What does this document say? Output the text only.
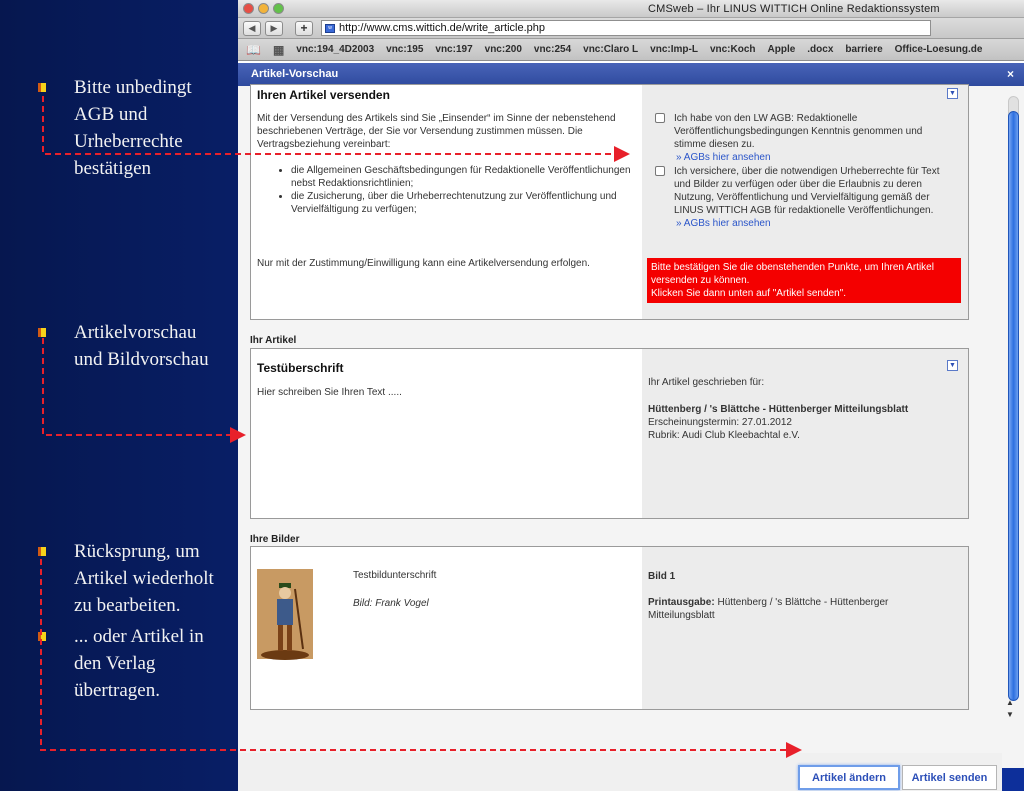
Bitte unbedingt AGB und Urheberrechte bestätigen
Artikelvorschau und Bildvorschau
Rücksprung, um Artikel wiederholt zu bearbeiten.
... oder Artikel in den Verlag übertragen.
CMSweb – Ihr LINUS WITTICH Online Redaktionssystem
◀	▶	+	w http://www.cms.wittich.de/write_article.php
📖 ▦ vnc:194_4D2003 vnc:195 vnc:197 vnc:200 vnc:254 vnc:Claro L vnc:Imp-L vnc:Koch Apple .docx barriere Office-Loesung.de
Artikel-Vorschau	×
▼
Ich habe von den LW AGB: Redaktionelle Veröffentlichungsbedingungen Kenntnis genommen und stimme diesen zu.
» AGBs hier ansehen
Ich versichere, über die notwendigen Urheberrechte für Text und Bilder zu verfügen oder über die Erlaubnis zu deren Nutzung, Veröffentlichung und Vervielfältigung gemäß der LINUS WITTICH AGB für redaktionelle Veröffentlichungen.
» AGBs hier ansehen
Bitte bestätigen Sie die obenstehenden Punkte, um Ihren Artikel versenden zu können.
Klicken Sie dann unten auf "Artikel senden".
Ihren Artikel versenden
Mit der Versendung des Artikels sind Sie „Einsender“ im Sinne der nebenstehend beschriebenen Verträge, der Sie vor Versendung zustimmen müssen. Die Vertragsbeziehung vereinbart:
• die Allgemeinen Geschäftsbedingungen für Redaktionelle Veröffentlichungen nebst Redaktionsrichtlinien;
• die Zusicherung, über die Urheberrechtenutzung zur Veröffentlichung und Vervielfältigung zu verfügen;
Nur mit der Zustimmung/Einwilligung kann eine Artikelversendung erfolgen.
Ihr Artikel
▼
Ihr Artikel geschrieben für:
Hüttenberg / 's Blättche - Hüttenberger Mitteilungsblatt
Erscheinungstermin: 27.01.2012
Rubrik: Audi Club Kleebachtal e.V.
Testüberschrift
Hier schreiben Sie Ihren Text .....
Ihre Bilder
Bild 1

Printausgabe: Hüttenberg / 's Blättche - Hüttenberger Mitteilungsblatt
Testbildunterschrift
Bild: Frank Vogel
Artikel ändern	Artikel senden
▲
▼
